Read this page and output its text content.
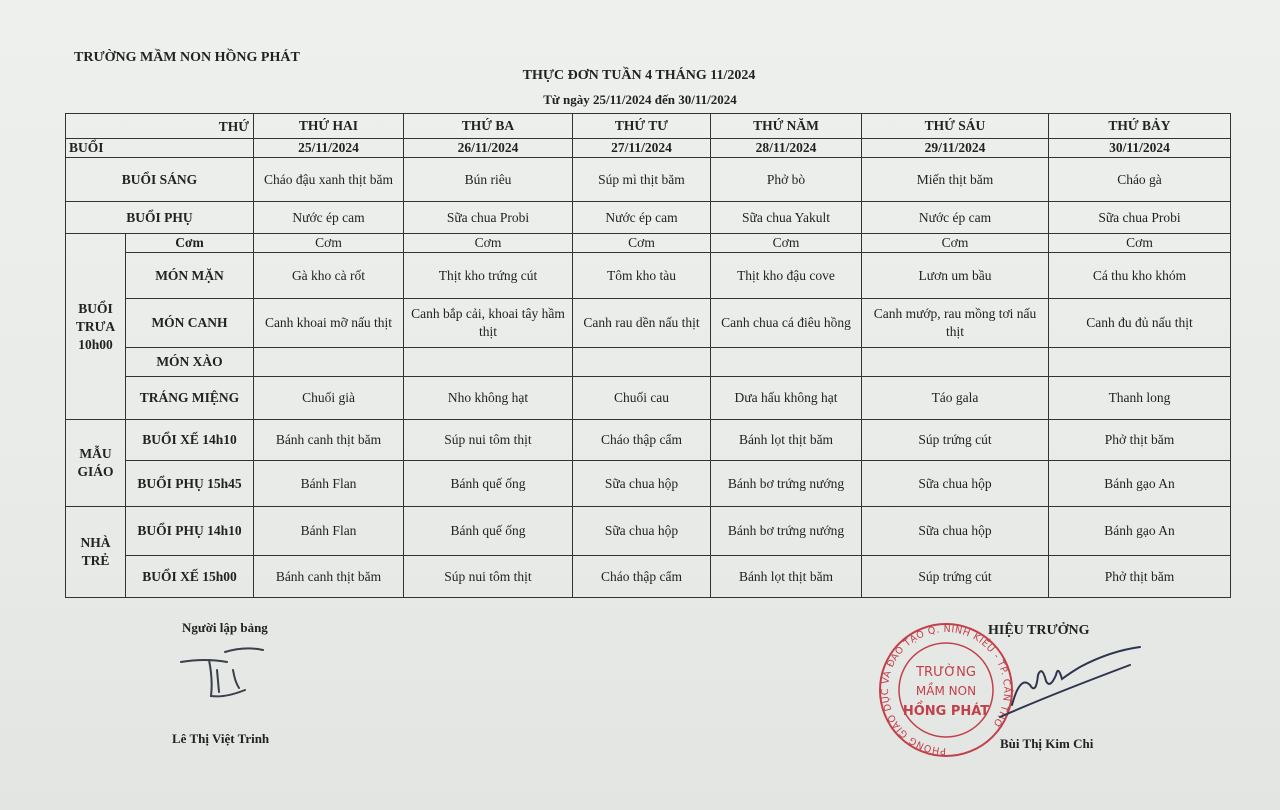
TRƯỜNG MẦM NON HỒNG PHÁT
THỰC ĐƠN TUẦN 4 THÁNG 11/2024
Từ ngày 25/11/2024 đến 30/11/2024
THỨ		THỨ HAI	THỨ BA	THỨ TƯ	THỨ NĂM	THỨ SÁU	THỨ BẢY
BUỔI		25/11/2024	26/11/2024	27/11/2024	28/11/2024	29/11/2024	30/11/2024
BUỔI SÁNG		Cháo đậu xanh thịt băm	Bún riêu	Súp mì thịt băm	Phở bò	Miến thịt băm	Cháo gà
BUỔI PHỤ		Nước ép cam	Sữa chua Probi	Nước ép cam	Sữa chua Yakult	Nước ép cam	Sữa chua Probi
BUỔI TRƯA 10h00	Cơm	Cơm	Cơm	Cơm	Cơm	Cơm	Cơm
	MÓN MẶN	Gà kho cà rốt	Thịt kho trứng cút	Tôm kho tàu	Thịt kho đậu cove	Lươn um bầu	Cá thu kho khóm
	MÓN CANH	Canh khoai mỡ nấu thịt	Canh bắp cải, khoai tây hầm thịt	Canh rau dền nấu thịt	Canh chua cá điêu hồng	Canh mướp, rau mồng tơi nấu thịt	Canh đu đủ nấu thịt
	MÓN XÀO						
	TRÁNG MIỆNG	Chuối già	Nho không hạt	Chuối cau	Dưa hấu không hạt	Táo gala	Thanh long
MẪU GIÁO	BUỔI XẾ 14h10	Bánh canh thịt băm	Súp nui tôm thịt	Cháo thập cẩm	Bánh lọt thịt băm	Súp trứng cút	Phở thịt băm
	BUỔI PHỤ 15h45	Bánh Flan	Bánh quế ống	Sữa chua hộp	Bánh bơ trứng nướng	Sữa chua hộp	Bánh gạo An
NHÀ TRẺ	BUỔI PHỤ 14h10	Bánh Flan	Bánh quế ống	Sữa chua hộp	Bánh bơ trứng nướng	Sữa chua hộp	Bánh gạo An
	BUỔI XẾ 15h00	Bánh canh thịt băm	Súp nui tôm thịt	Cháo thập cẩm	Bánh lọt thịt băm	Súp trứng cút	Phở thịt băm
Người lập bảng
Lê Thị Việt Trinh
HIỆU TRƯỞNG
PHÒNG GIÁO DỤC VÀ ĐÀO TẠO Q. NINH KIỀU - TP. CẦN THƠ
TRƯỜNG
MẦM NON
HỒNG PHÁT
Bùi Thị Kim Chi
